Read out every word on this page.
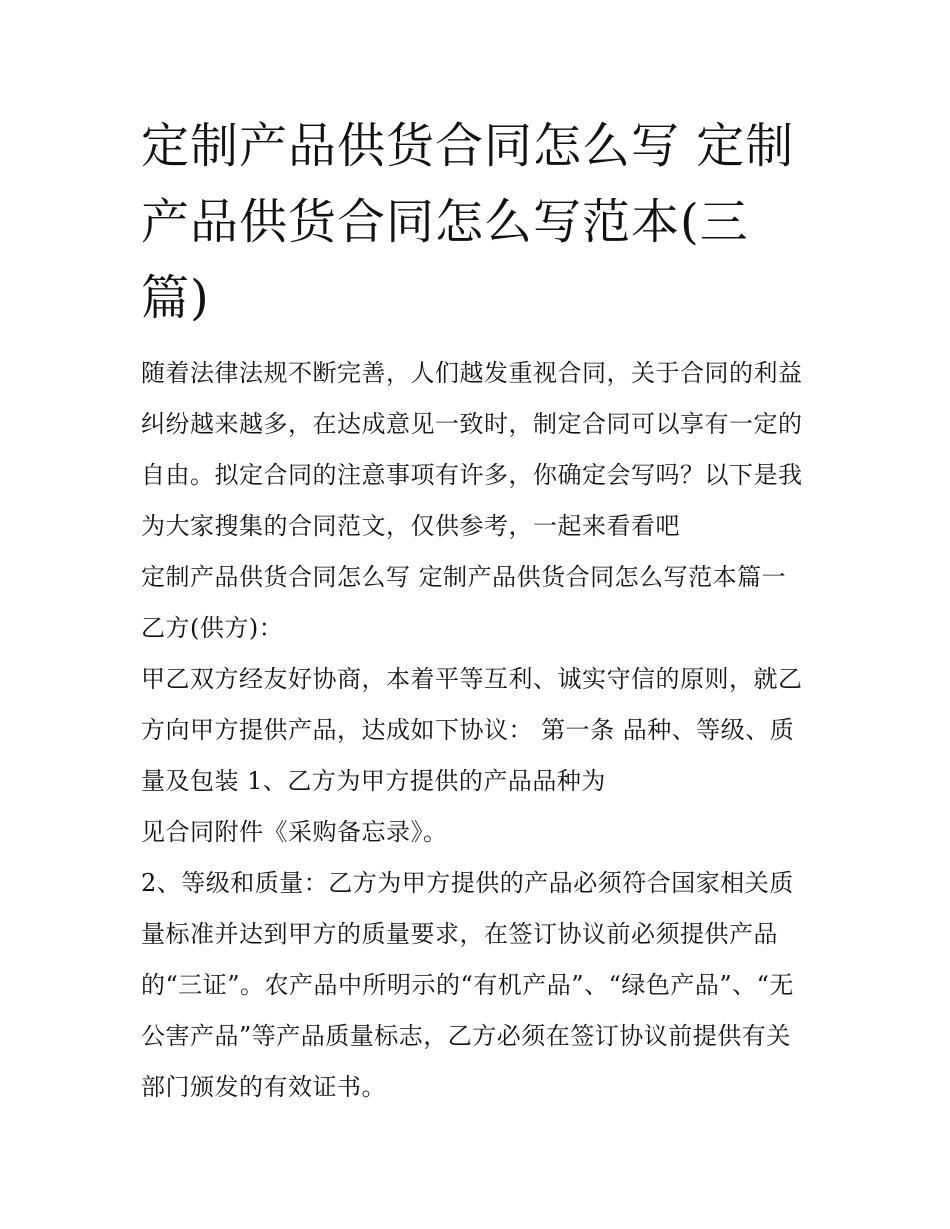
定制产品供货合同怎么写 定制产品供货合同怎么写范本(三篇)

随着法律法规不断完善，人们越发重视合同，关于合同的利益纠纷越来越多，在达成意见一致时，制定合同可以享有一定的自由。拟定合同的注意事项有许多，你确定会写吗？以下是我为大家搜集的合同范文，仅供参考，一起来看看吧

定制产品供货合同怎么写 定制产品供货合同怎么写范本篇一

乙方(供方)：

甲乙双方经友好协商，本着平等互利、诚实守信的原则，就乙方向甲方提供产品，达成如下协议： 第一条 品种、等级、质量及包装 1、乙方为甲方提供的产品品种为

见合同附件《采购备忘录》。

2、等级和质量：乙方为甲方提供的产品必须符合国家相关质量标准并达到甲方的质量要求，在签订协议前必须提供产品的“三证”。农产品中所明示的“有机产品”、“绿色产品”、“无公害产品”等产品质量标志，乙方必须在签订协议前提供有关部门颁发的有效证书。
